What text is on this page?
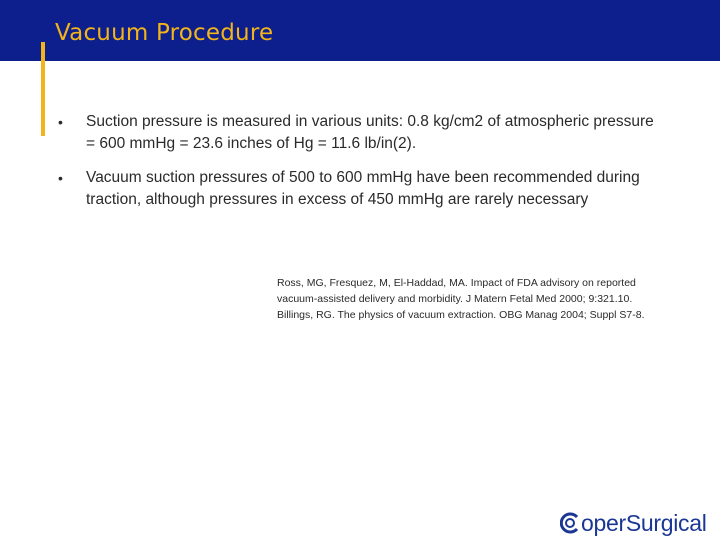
Vacuum Procedure
• Suction pressure is measured in various units: 0.8 kg/cm2 of atmospheric pressure = 600 mmHg = 23.6 inches of Hg = 11.6 lb/in(2).
• Vacuum suction pressures of 500 to 600 mmHg have been recommended during traction, although pressures in excess of 450 mmHg are rarely necessary
Ross, MG, Fresquez, M, El-Haddad, MA. Impact of FDA advisory on reported
vacuum-assisted delivery and morbidity. J Matern Fetal Med 2000; 9:321.10.
Billings, RG. The physics of vacuum extraction. OBG Manag 2004; Suppl S7-8.
operSurgical
